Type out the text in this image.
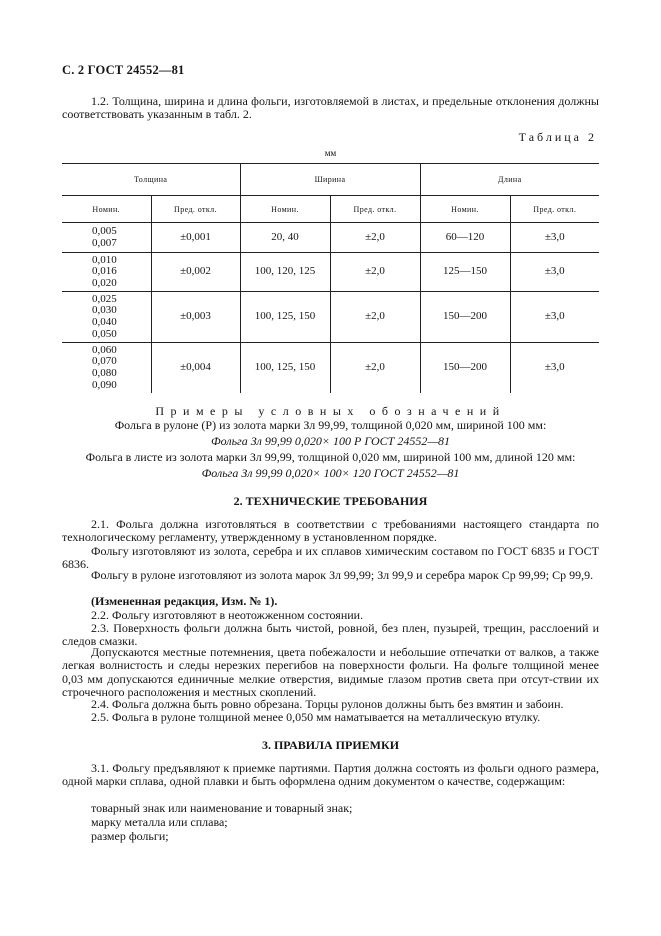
С. 2 ГОСТ 24552—81
1.2. Толщина, ширина и длина фольги, изготовляемой в листах, и предельные отклонения должны соответствовать указанным в табл. 2.
Таблица 2
мм
Толщина		Ширина		Длина	
Номин.	Пред. откл.	Номин.	Пред. откл.	Номин.	Пред. откл.
0,005
0,007	±0,001	20, 40	±2,0	60—120	±3,0
0,010
0,016
0,020	±0,002	100, 120, 125	±2,0	125—150	±3,0
0,025
0,030
0,040
0,050	±0,003	100, 125, 150	±2,0	150—200	±3,0
0,060
0,070
0,080
0,090	±0,004	100, 125, 150	±2,0	150—200	±3,0
Примеры условных обозначений
Фольга в рулоне (Р) из золота марки Зл 99,99, толщиной 0,020 мм, шириной 100 мм:
Фольга Зл 99,99 0,020× 100 Р ГОСТ 24552—81
Фольга в листе из золота марки Зл 99,99, толщиной 0,020 мм, шириной 100 мм, длиной 120 мм:
Фольга Зл 99,99 0,020× 100× 120 ГОСТ 24552—81
2. ТЕХНИЧЕСКИЕ ТРЕБОВАНИЯ
2.1. Фольга должна изготовляться в соответствии с требованиями настоящего стандарта по технологическому регламенту, утвержденному в установленном порядке.
Фольгу изготовляют из золота, серебра и их сплавов химическим составом по ГОСТ 6835 и ГОСТ 6836.
Фольгу в рулоне изготовляют из золота марок Зл 99,99; Зл 99,9 и серебра марок Ср 99,99; Ср 99,9.
(Измененная редакция, Изм. № 1).
2.2. Фольгу изготовляют в неотожженном состоянии.
2.3. Поверхность фольги должна быть чистой, ровной, без плен, пузырей, трещин, расслоений и следов смазки.
Допускаются местные потемнения, цвета побежалости и небольшие отпечатки от валков, а также легкая волнистость и следы нерезких перегибов на поверхности фольги. На фольге толщиной менее 0,03 мм допускаются единичные мелкие отверстия, видимые глазом против света при отсут-ствии их строчечного расположения и местных скоплений.
2.4. Фольга должна быть ровно обрезана. Торцы рулонов должны быть без вмятин и забоин.
2.5. Фольга в рулоне толщиной менее 0,050 мм наматывается на металлическую втулку.
3. ПРАВИЛА ПРИЕМКИ
3.1. Фольгу предъявляют к приемке партиями. Партия должна состоять из фольги одного размера, одной марки сплава, одной плавки и быть оформлена одним документом о качестве, содержащим:
товарный знак или наименование и товарный знак;
марку металла или сплава;
размер фольги;
